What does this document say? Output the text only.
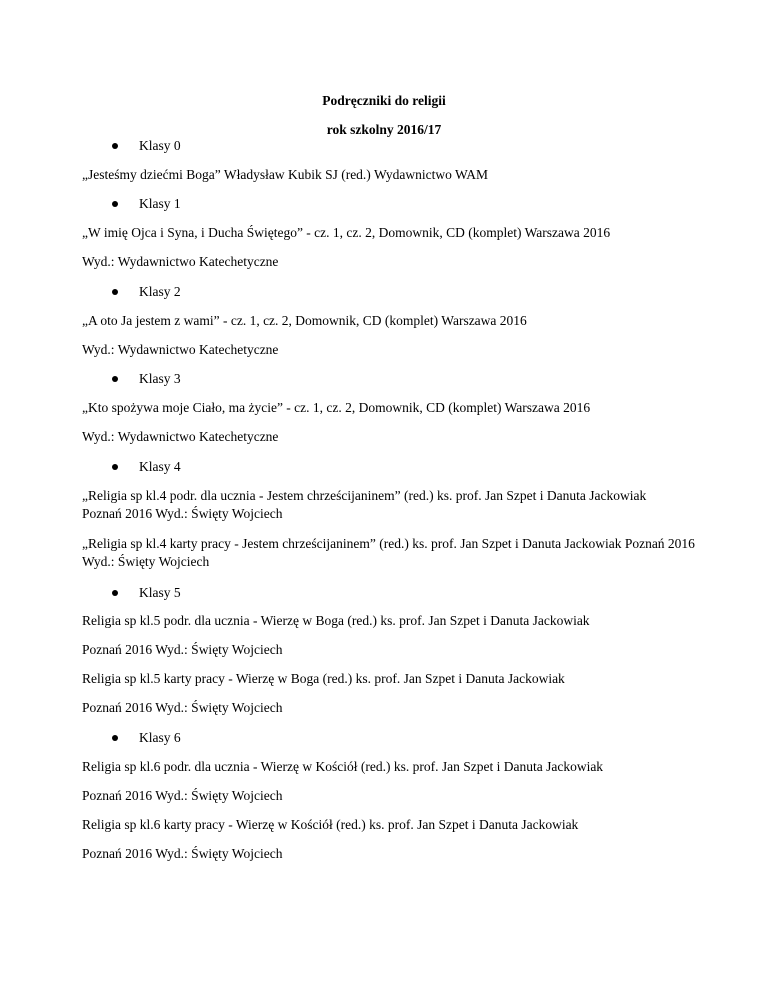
Podręczniki do religii

rok szkolny 2016/17

Klasy 0

„Jesteśmy dziećmi Boga” Władysław Kubik SJ (red.) Wydawnictwo WAM

Klasy 1

„W imię Ojca i Syna, i Ducha Świętego” - cz. 1, cz. 2, Domownik, CD (komplet) Warszawa 2016

Wyd.: Wydawnictwo Katechetyczne

Klasy 2

„A oto Ja jestem z wami” - cz. 1, cz. 2, Domownik, CD (komplet) Warszawa 2016

Wyd.: Wydawnictwo Katechetyczne

Klasy 3

„Kto spożywa moje Ciało, ma życie” - cz. 1, cz. 2, Domownik, CD (komplet) Warszawa 2016

Wyd.: Wydawnictwo Katechetyczne

Klasy 4

„Religia sp kl.4 podr. dla ucznia - Jestem chrześcijaninem” (red.) ks. prof. Jan Szpet i Danuta Jackowiak Poznań 2016 Wyd.: Święty Wojciech

„Religia sp kl.4 karty pracy - Jestem chrześcijaninem” (red.) ks. prof. Jan Szpet i Danuta Jackowiak Poznań 2016 Wyd.: Święty Wojciech

Klasy 5

Religia sp kl.5 podr. dla ucznia - Wierzę w Boga (red.) ks. prof. Jan Szpet i Danuta Jackowiak

Poznań 2016 Wyd.: Święty Wojciech

Religia sp kl.5 karty pracy - Wierzę w Boga (red.) ks. prof. Jan Szpet i Danuta Jackowiak

Poznań 2016 Wyd.: Święty Wojciech

Klasy 6

Religia sp kl.6 podr. dla ucznia - Wierzę w Kościół (red.) ks. prof. Jan Szpet i Danuta Jackowiak

Poznań 2016 Wyd.: Święty Wojciech

Religia sp kl.6 karty pracy - Wierzę w Kościół (red.) ks. prof. Jan Szpet i Danuta Jackowiak

Poznań 2016 Wyd.: Święty Wojciech
